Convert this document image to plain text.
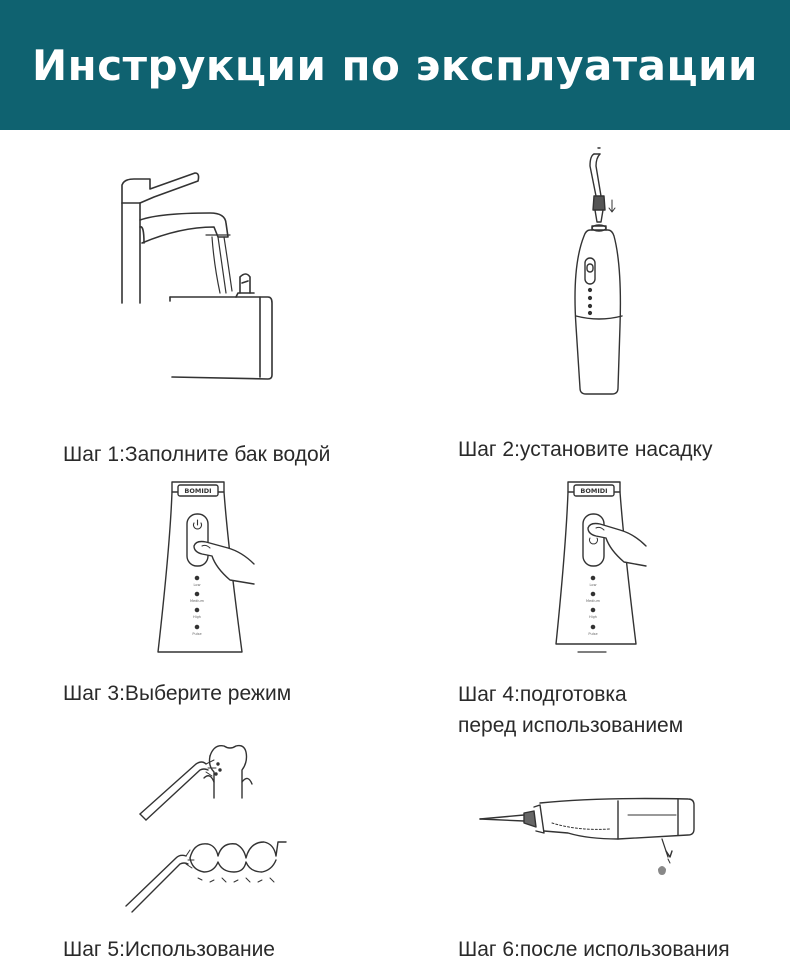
Инструкции по эксплуатации
Шаг 1:Заполните бак водой	Шаг 2:установите насадку
BOMIDI
Low
Medium
High
Pulse
Шаг 3:Выберите режим
BOMIDI
Low
Medium
High
Pulse
Шаг 4:подготовка
перед использованием
Шаг 5:Использование	Шаг 6:после использования
